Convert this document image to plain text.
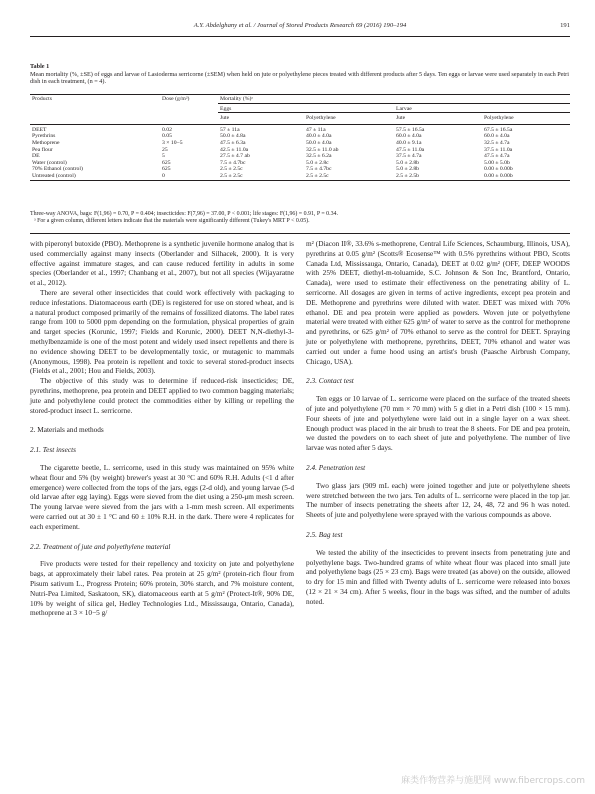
A.Y. Abdelghany et al. / Journal of Stored Products Research 69 (2016) 190–194	191
Table 1
Mean mortality (%, ±SE) of eggs and larvae of Lasioderma serricorne (±SEM) when held on jute or polyethylene pieces treated with different products after 5 days. Ten eggs or larvae were used separately in each Petri dish in each treatment, (n = 4).
Products	Dose (g/m²)	Mortality (%)ᵃ			
		Eggs		Larvae	
		Jute	Polyethylene	Jute	Polyethylene

DEET	0.02	57 ± 11a	47 ± 11a	57.5 ± 16.5a	67.5 ± 16.5a
Pyrethrins	0.05	50.0 ± 4.8a	40.0 ± 4.0a	60.0 ± 4.0a	60.0 ± 4.0a
Methoprene	3 × 10−5	47.5 ± 6.3a	50.0 ± 4.0a	40.0 ± 9.1a	32.5 ± 4.7a
Pea flour	25	42.5 ± 11.0a	32.5 ± 11.0 ab	47.5 ± 11.0a	37.5 ± 11.0a
DE	5	27.5 ± 4.7 ab	32.5 ± 6.2a	37.5 ± 4.7a	47.5 ± 4.7a
Water (control)	625	7.5 ± 4.7bc	5.0 ± 2.8c	5.0 ± 2.8b	5.00 ± 5.0b
70% Ethanol (control)	625	2.5 ± 2.5c	7.5 ± 4.7bc	5.0 ± 2.8b	0.00 ± 0.00b
Untreated (control)	0	2.5 ± 2.5c	2.5 ± 2.5c	2.5 ± 2.5b	0.00 ± 0.00b
Three-way ANOVA, bags: F(1,96) = 0.70, P = 0.404; insecticides: F(7,96) = 37.00, P < 0.001; life stages: F(1,96) = 0.91, P = 0.34.
ᵃ For a given column, different letters indicate that the materials were significantly different (Tukey's MRT P < 0.05).

with piperonyl butoxide (PBO). Methoprene is a synthetic juvenile hormone analog that is used commercially against many insects (Oberlander and Silhacek, 2000). It is very effective against immature stages, and can cause reduced fertility in adults in some species (Oberlander et al., 1997; Chanbang et al., 2007), but not all species (Wijayaratne et al., 2012).

There are several other insecticides that could work effectively with packaging to reduce infestations. Diatomaceous earth (DE) is registered for use on stored wheat, and is a natural product composed primarily of the remains of fossilized diatoms. The label rates range from 100 to 5000 ppm depending on the formulation, physical properties of grain and target species (Korunic, 1997; Fields and Korunic, 2000). DEET N,N-diethyl-3-methylbenzamide is one of the most potent and widely used insect repellents and there is no evidence showing DEET to be developmentally toxic, or mutagenic to mammals (Anonymous, 1998). Pea protein is repellent and toxic to several stored-product insects (Fields et al., 2001; Hou and Fields, 2003).

The objective of this study was to determine if reduced-risk insecticides; DE, pyrethrins, methoprene, pea protein and DEET applied to two common bagging materials; jute and polyethylene could protect the commodities either by killing or repelling the stored-product insect L. serricorne.

2. Materials and methods
2.1. Test insects

The cigarette beetle, L. serricorne, used in this study was maintained on 95% white wheat flour and 5% (by weight) brewer's yeast at 30 °C and 60% R.H. Adults (<1 d after emergence) were collected from the tops of the jars, eggs (2-d old), and young larvae (5-d old larvae after egg laying). Eggs were sieved from the diet using a 250-μm mesh screen. The young larvae were sieved from the jars with a 1-mm mesh screen. All experiments were carried out at 30 ± 1 °C and 60 ± 10% R.H. in the dark. There were 4 replicates for each experiment.

2.2. Treatment of jute and polyethylene material

Five products were tested for their repellency and toxicity on jute and polyethylene bags, at approximately their label rates. Pea protein at 25 g/m² (protein-rich flour from Pisum sativum L., Progress Protein; 60% protein, 30% starch, and 7% moisture content, Nutri-Pea Limited, Saskatoon, SK), diatomaceous earth at 5 g/m² (Protect-It®, 90% DE, 10% by weight of silica gel, Hedley Technologies Ltd., Mississauga, Ontario, Canada), methoprene at 3 × 10−5 g/

m² (Diacon II®, 33.6% s-methoprene, Central Life Sciences, Schaumburg, Illinois, USA), pyrethrins at 0.05 g/m² (Scotts® Ecosense™ with 0.5% pyrethrins without PBO, Scotts Canada Ltd, Mississauga, Ontario, Canada), DEET at 0.02 g/m² (OFF, DEEP WOODS with 25% DEET, diethyl-m-toluamide, S.C. Johnson & Son Inc, Brantford, Ontario, Canada), were used to estimate their effectiveness on the penetrating ability of L. serricorne. All dosages are given in terms of active ingredients, except pea protein and DE. Methoprene and pyrethrins were diluted with water. DEET was mixed with 70% ethanol. DE and pea protein were applied as powders. Woven jute or polyethylene material were treated with either 625 g/m² of water to serve as the control for methoprene and pyrethrins, or 625 g/m² of 70% ethanol to serve as the control for DEET. Spraying jute or polyethylene with methoprene, pyrethrins, DEET, 70% ethanol and water was carried out under a fume hood using an artist's brush (Paasche Airbrush Company, Chicago, USA).

2.3. Contact test

Ten eggs or 10 larvae of L. serricorne were placed on the surface of the treated sheets of jute and polyethylene (70 mm × 70 mm) with 5 g diet in a Petri dish (100 × 15 mm). Four sheets of jute and polyethylene were laid out in a single layer on a wax sheet. Enough product was placed in the air brush to treat the 8 sheets. For DE and pea protein, we dusted the powders on to each sheet of jute and polyethylene. The number of live larvae was noted after 5 days.

2.4. Penetration test

Two glass jars (909 mL each) were joined together and jute or polyethylene sheets were stretched between the two jars. Ten adults of L. serricorne were placed in the top jar. The number of insects penetrating the sheets after 12, 24, 48, 72 and 96 h was noted. Sheets of jute and polyethylene were sprayed with the various compounds as above.

2.5. Bag test

We tested the ability of the insecticides to prevent insects from penetrating jute and polyethylene bags. Two-hundred grams of white wheat flour was placed into small jute and polyethylene bags (25 × 23 cm). Bags were treated (as above) on the outside, allowed to dry for 15 min and filled with Twenty adults of L. serricorne were released into boxes (12 × 21 × 34 cm). After 5 weeks, flour in the bags was sifted, and the number of adults noted.

麻类作物营养与施肥网 www.fibercrops.com
